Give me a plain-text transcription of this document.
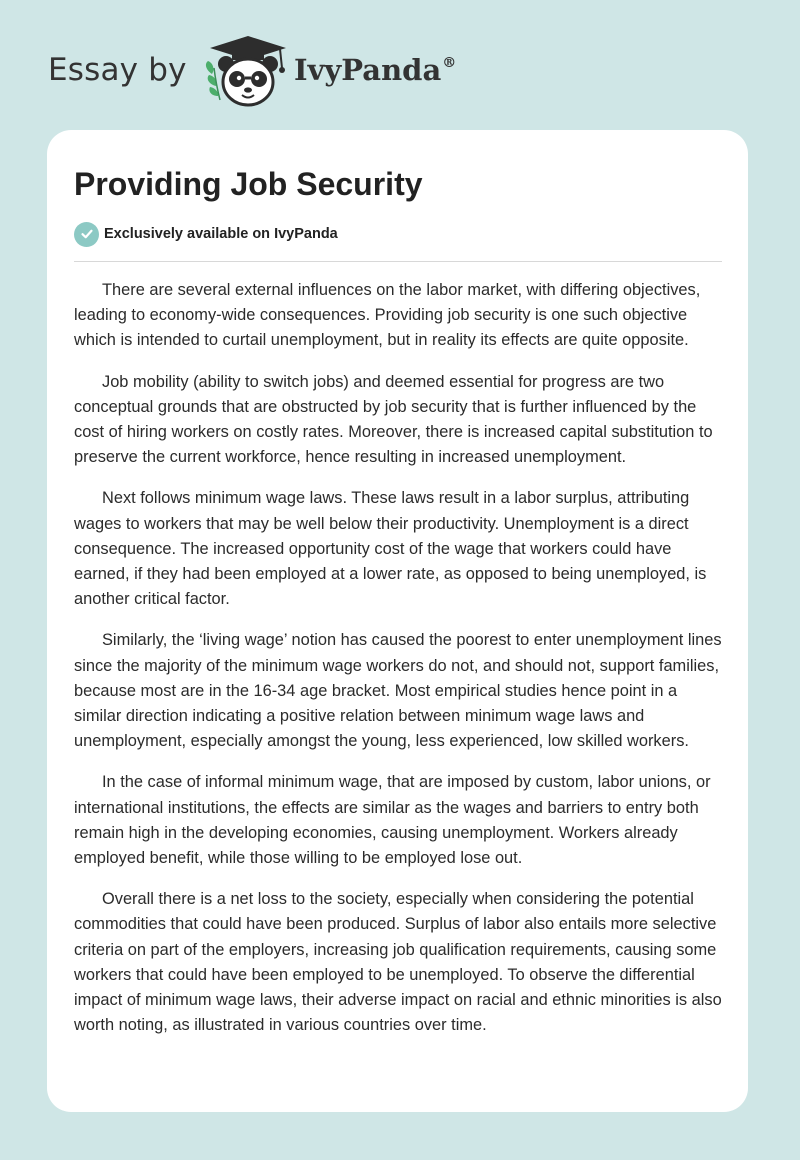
Essay by	IvyPanda®
Providing Job Security
Exclusively available on IvyPanda

There are several external influences on the labor market, with differing objectives, leading to economy-wide consequences. Providing job security is one such objective which is intended to curtail unemployment, but in reality its effects are quite opposite.

Job mobility (ability to switch jobs) and deemed essential for progress are two conceptual grounds that are obstructed by job security that is further influenced by the cost of hiring workers on costly rates. Moreover, there is increased capital substitution to preserve the current workforce, hence resulting in increased unemployment.

Next follows minimum wage laws. These laws result in a labor surplus, attributing wages to workers that may be well below their productivity. Unemployment is a direct consequence. The increased opportunity cost of the wage that workers could have earned, if they had been employed at a lower rate, as opposed to being unemployed, is another critical factor.

Similarly, the ‘living wage’ notion has caused the poorest to enter unemployment lines since the majority of the minimum wage workers do not, and should not, support families, because most are in the 16-34 age bracket. Most empirical studies hence point in a similar direction indicating a positive relation between minimum wage laws and unemployment, especially amongst the young, less experienced, low skilled workers.

In the case of informal minimum wage, that are imposed by custom, labor unions, or international institutions, the effects are similar as the wages and barriers to entry both remain high in the developing economies, causing unemployment. Workers already employed benefit, while those willing to be employed lose out.

Overall there is a net loss to the society, especially when considering the potential commodities that could have been produced. Surplus of labor also entails more selective criteria on part of the employers, increasing job qualification requirements, causing some workers that could have been employed to be unemployed. To observe the differential impact of minimum wage laws, their adverse impact on racial and ethnic minorities is also worth noting, as illustrated in various countries over time.
